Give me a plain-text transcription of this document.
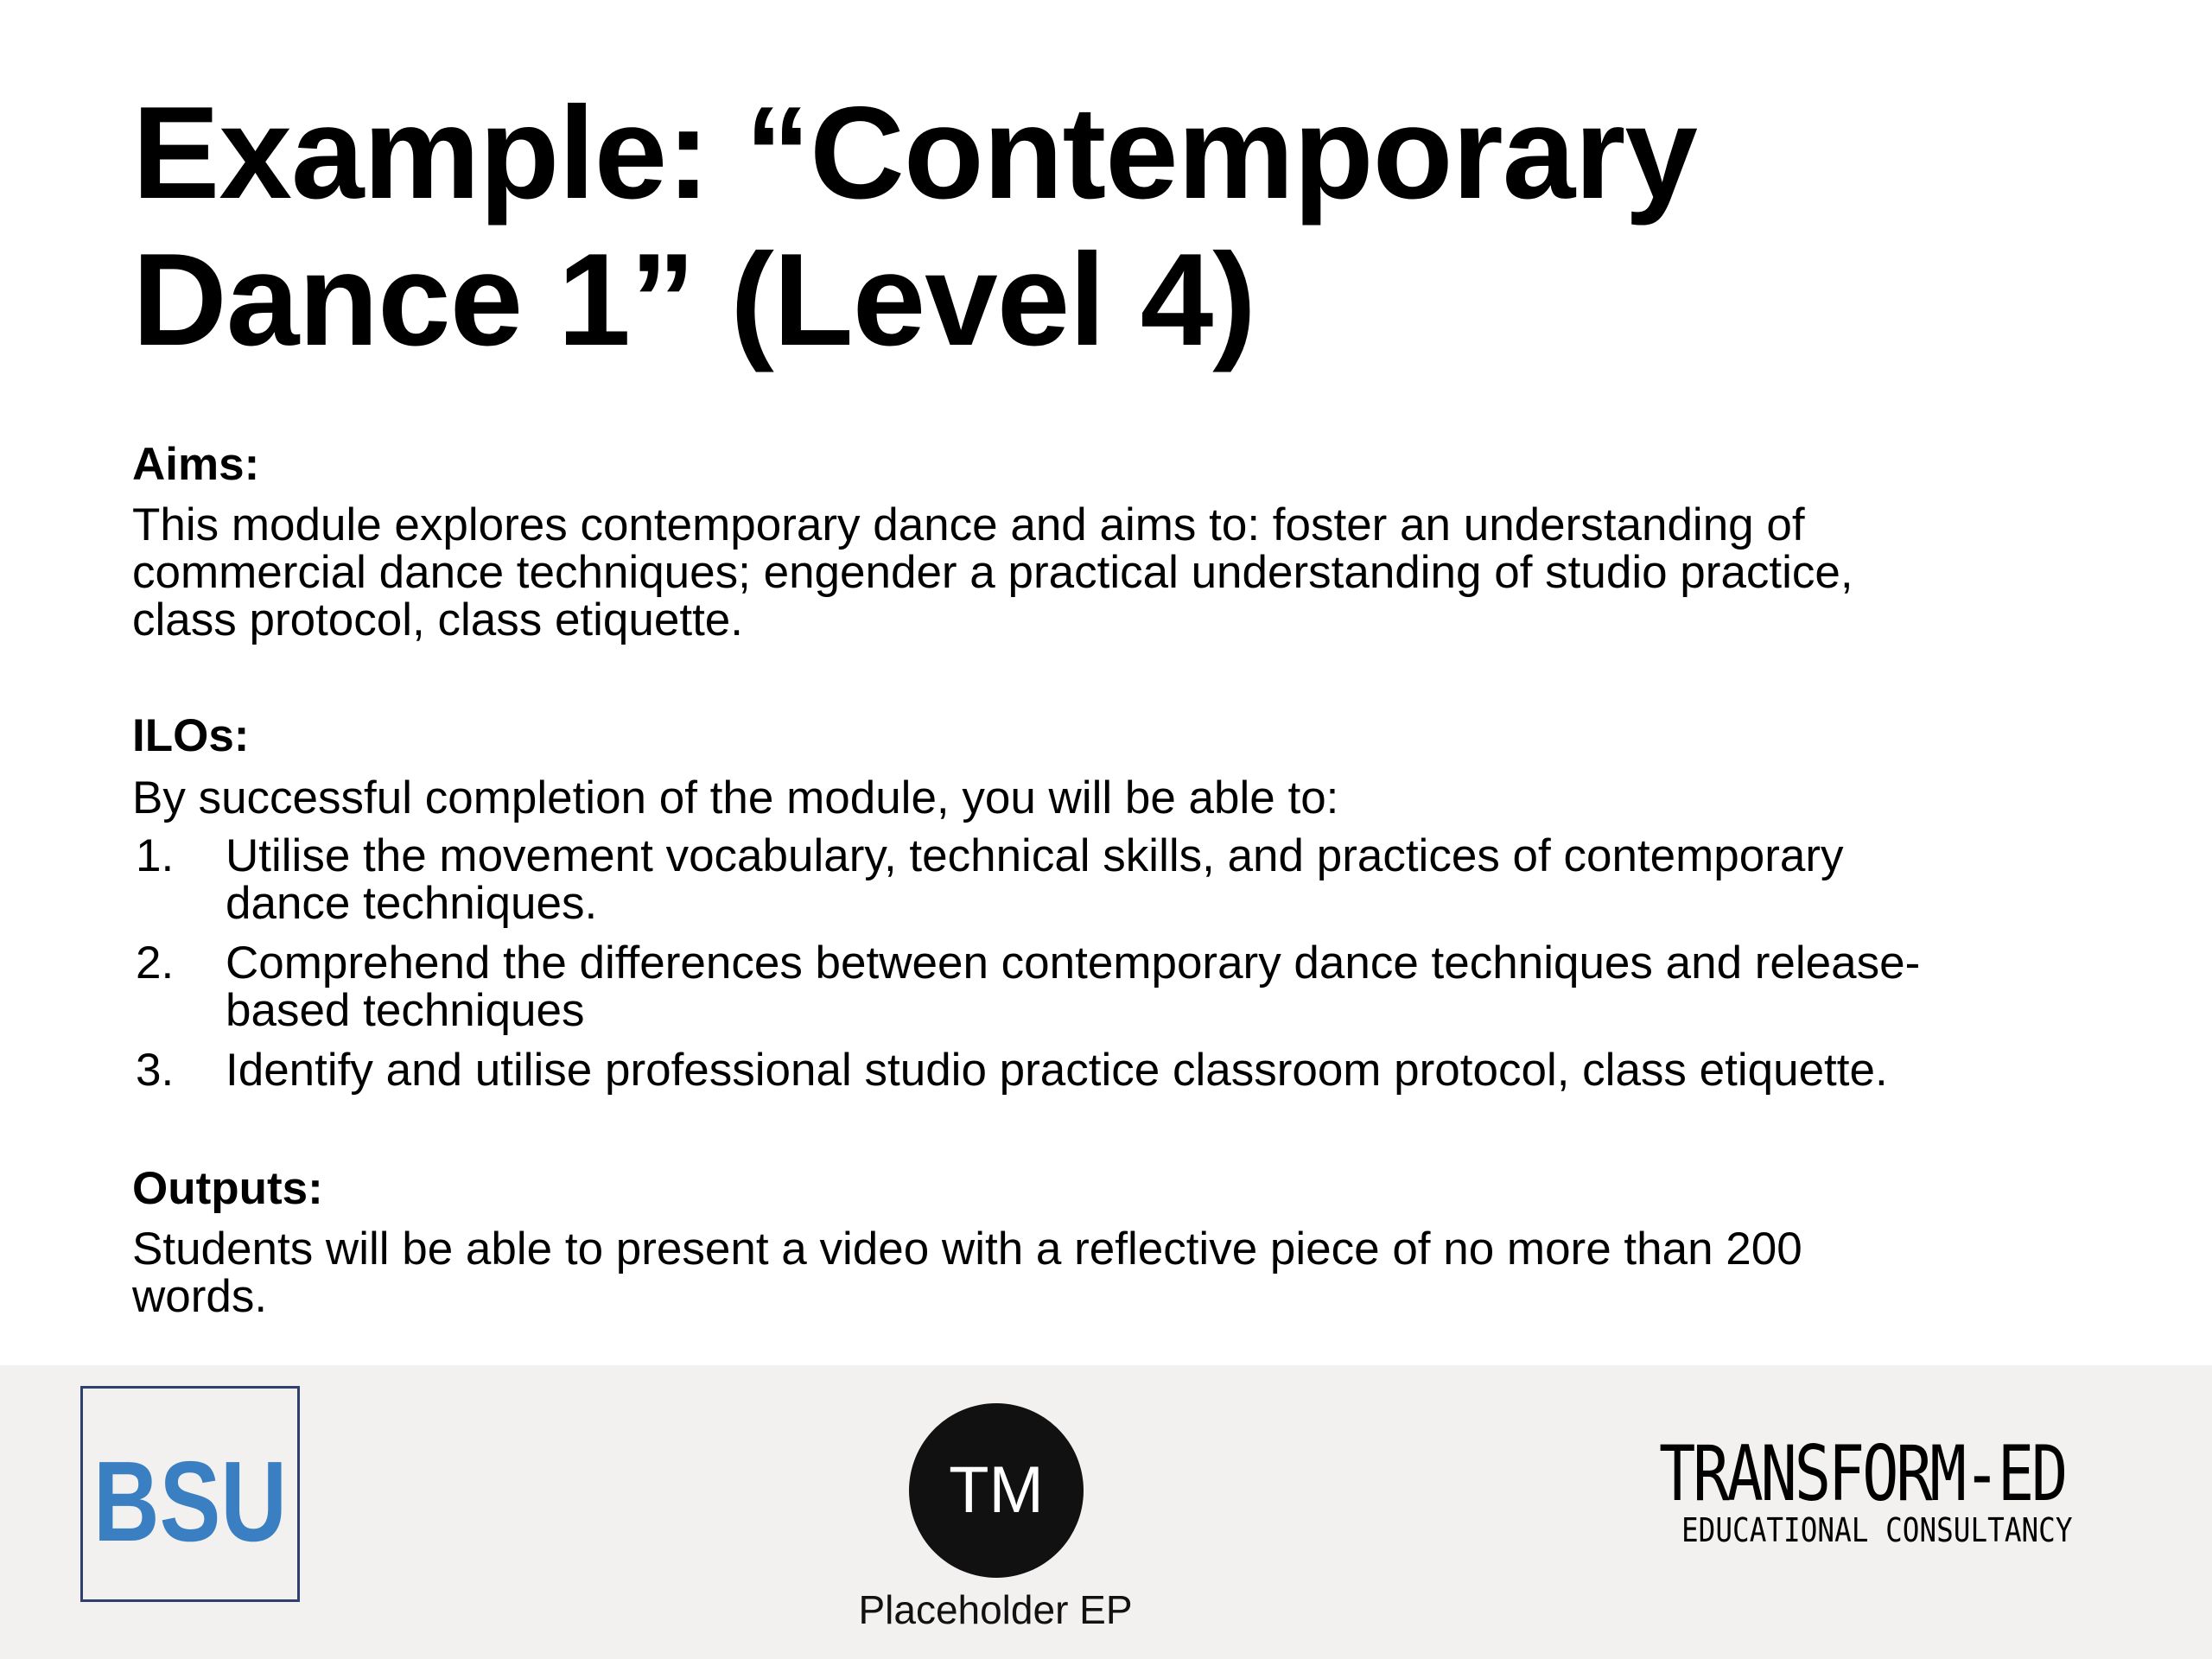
Example: “Contemporary
Dance 1” (Level 4)
Aims:

This module explores contemporary dance and aims to: foster an understanding of
commercial dance techniques; engender a practical understanding of studio practice,
class protocol, class etiquette.

ILOs:

By successful completion of the module, you will be able to:

1. Utilise the movement vocabulary, technical skills, and practices of contemporary
dance techniques.
2. Comprehend the differences between contemporary dance techniques and release-
based techniques
3. Identify and utilise professional studio practice classroom protocol, class etiquette.
Outputs:

Students will be able to present a video with a reflective piece of no more than 200
words.

BSU	TM
Placeholder EP
TRANSFORM-ED
EDUCATIONAL CONSULTANCY
